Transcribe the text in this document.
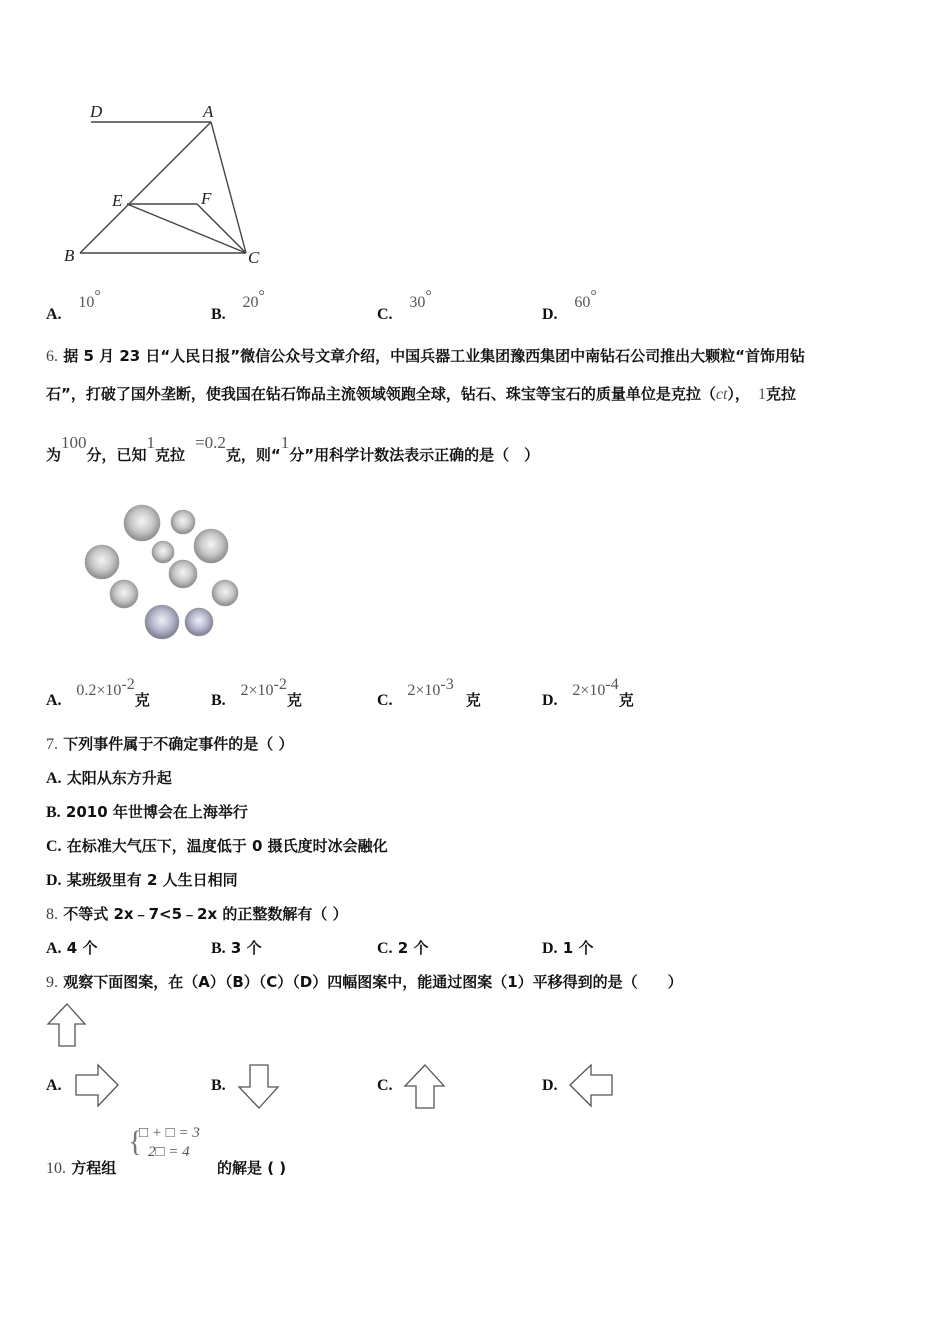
D	A
E	F
B	C
A. 10°
B. 20°
C. 30°
D. 60°
6. 据 5 月 23 日“人民日报”微信公众号文章介绍，中国兵器工业集团豫西集团中南钻石公司推出大颗粒“首饰用钻
石”，打破了国外垄断，使我国在钻石饰品主流领域领跑全球，钻石、珠宝等宝石的质量单位是克拉（ct）， 1克拉
为100分，已知1克拉=0.2克，则“1分”用科学计数法表示正确的是（　）
A. $0.2\times 10^{-2}$克	B. $2\times 10^{-2}$克	C. $2\times 10^{-3}$克	D. $2\times 10^{-4}$克
7. 下列事件属于不确定事件的是（ ）
A. 太阳从东方升起
B. 2010 年世博会在上海举行
C. 在标准大气压下，温度低于 0 摄氏度时冰会融化
D. 某班级里有 2 人生日相同
8. 不等式 2x﹣7<5﹣2x 的正整数解有（ ）
A. 4 个	B. 3 个	C. 2 个	D. 1 个
9. 观察下面图案，在（A）（B）（C）（D）四幅图案中，能通过图案（1）平移得到的是（　　）
A.	B.	C.	D.
10. 方程组
{
□ + □ = 3
2□ = 4
的解是 ( )
